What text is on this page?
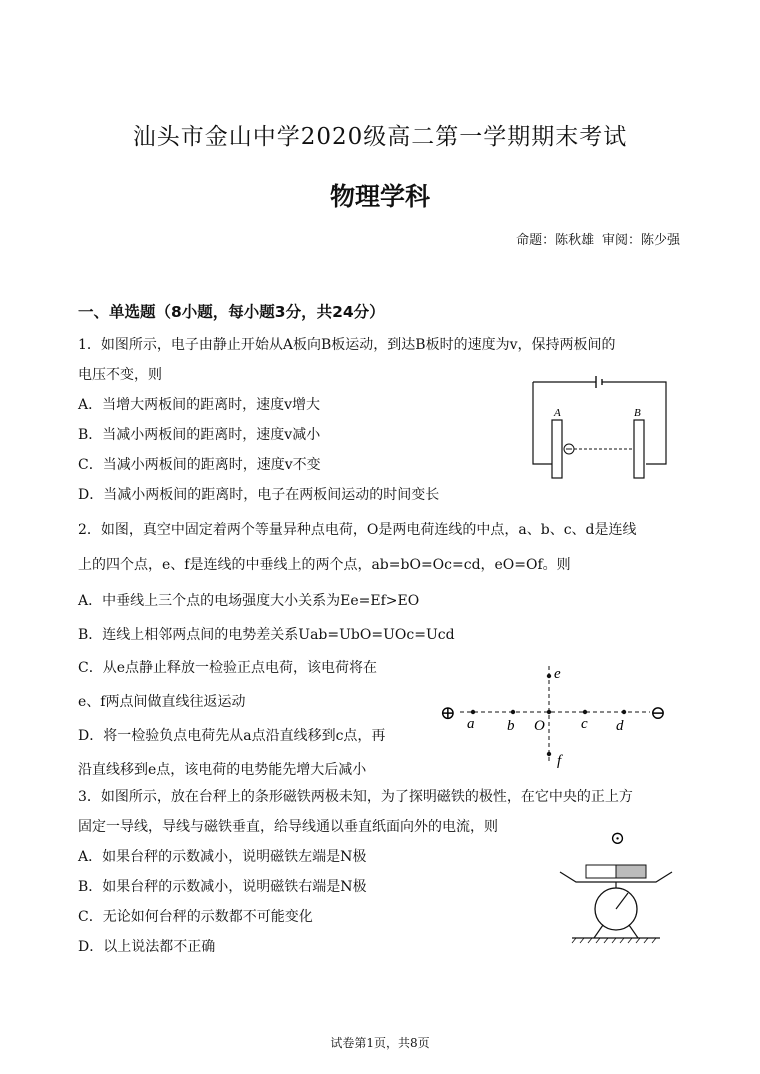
汕头市金山中学2020级高二第一学期期末考试
物理学科
命题：陈秋雄 审阅：陈少强
一、单选题（8小题，每小题3分，共24分）
1．如图所示，电子由静止开始从A板向B板运动，到达B板时的速度为v，保持两板间的
电压不变，则
A．当增大两板间的距离时，速度v增大
B．当减小两板间的距离时，速度v减小
C．当减小两板间的距离时，速度v不变
D．当减小两板间的距离时，电子在两板间运动的时间变长
A	B
2．如图，真空中固定着两个等量异种点电荷，O是两电荷连线的中点，a、b、c、d是连线
上的四个点，e、f是连线的中垂线上的两个点，ab=bO=Oc=cd，eO=Of。则
A．中垂线上三个点的电场强度大小关系为Ee=Ef>EO
B．连线上相邻两点间的电势差关系Uab=UbO=UOc=Ucd
C．从e点静止释放一检验正点电荷，该电荷将在
e、f两点间做直线往返运动
D．将一检验负点电荷先从a点沿直线移到c点，再
沿直线移到e点，该电荷的电势能先增大后减小
⊕	⊖
e
f
a b O c d
3．如图所示，放在台秤上的条形磁铁两极未知，为了探明磁铁的极性，在它中央的正上方
固定一导线，导线与磁铁垂直，给导线通以垂直纸面向外的电流，则
A．如果台秤的示数减小，说明磁铁左端是N极
B．如果台秤的示数减小，说明磁铁右端是N极
C．无论如何台秤的示数都不可能变化
D．以上说法都不正确
⊙
试卷第1页，共8页
